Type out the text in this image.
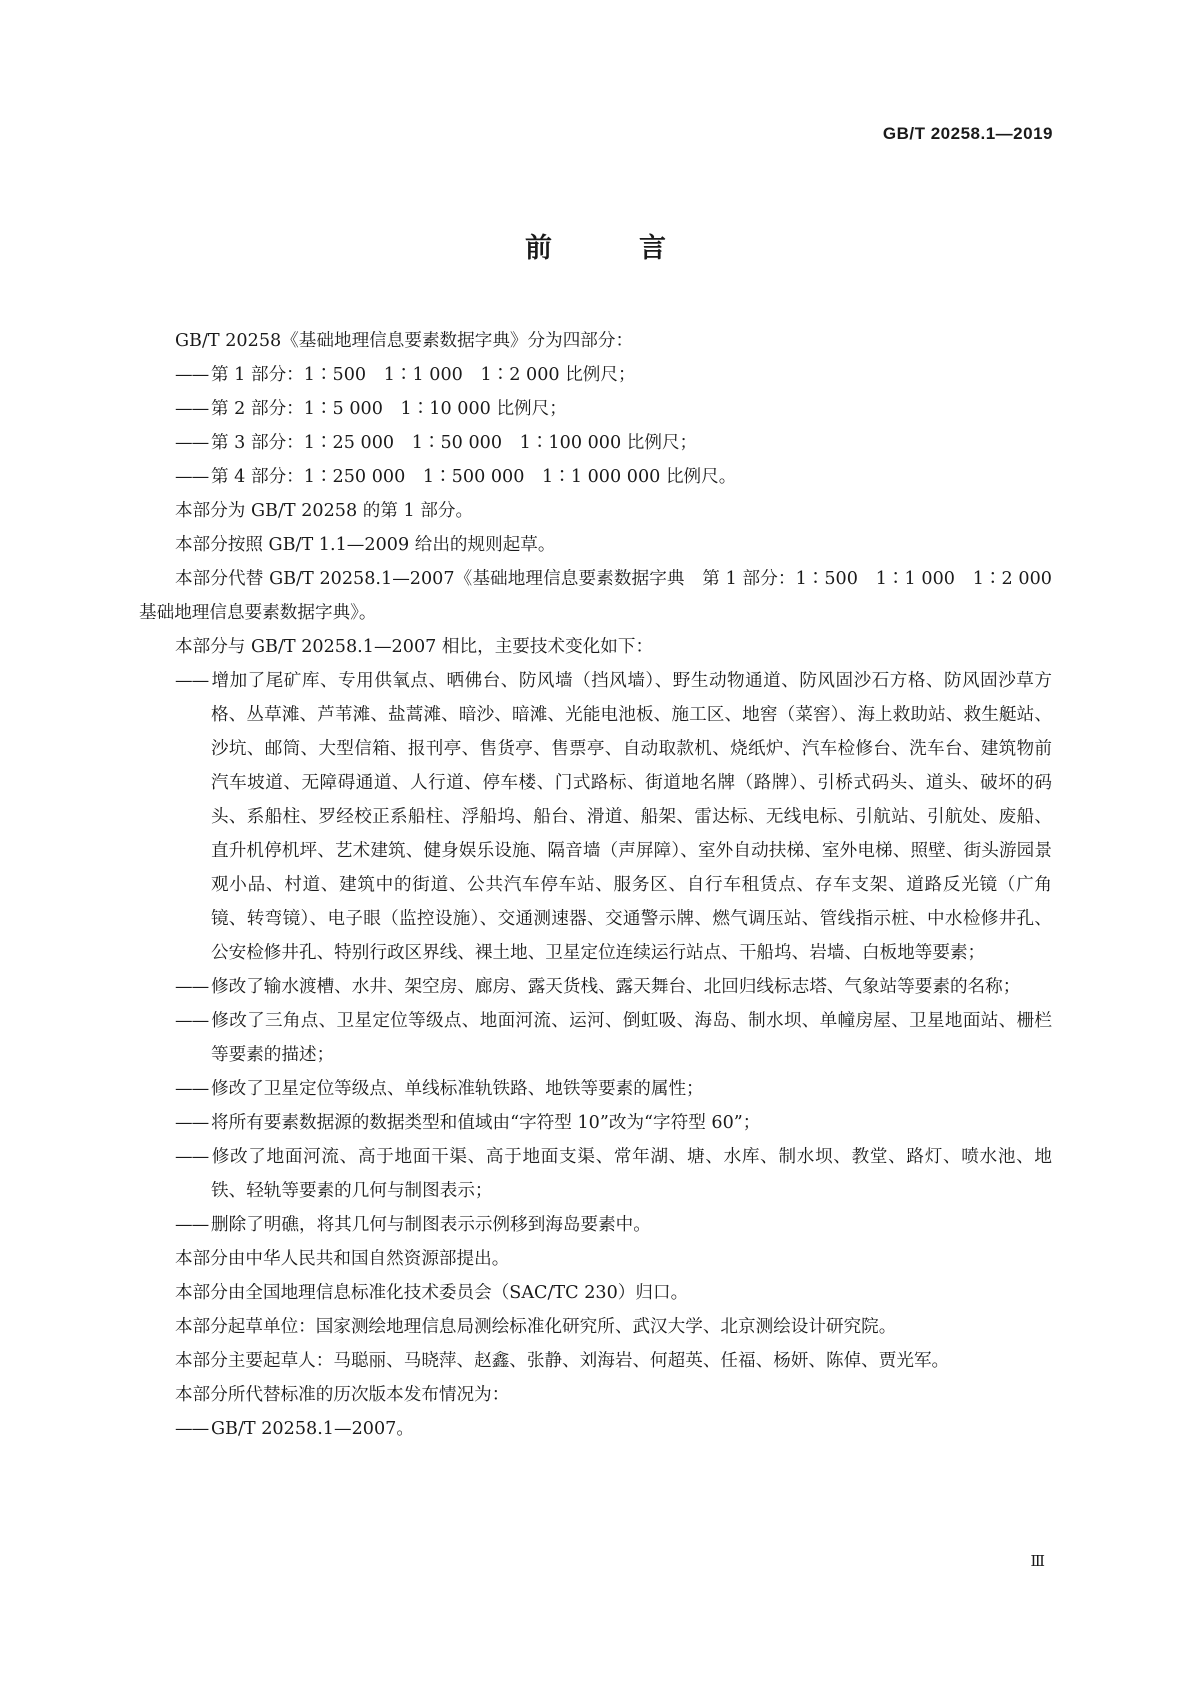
GB/T 20258.1—2019
前　言

GB/T 20258《基础地理信息要素数据字典》分为四部分：

—— 第 1 部分：1∶500　1∶1 000　1∶2 000 比例尺；

—— 第 2 部分：1∶5 000　1∶10 000 比例尺；

—— 第 3 部分：1∶25 000　1∶50 000　1∶100 000 比例尺；

—— 第 4 部分：1∶250 000　1∶500 000　1∶1 000 000 比例尺。

本部分为 GB/T 20258 的第 1 部分。

本部分按照 GB/T 1.1—2009 给出的规则起草。

本部分代替 GB/T 20258.1—2007《基础地理信息要素数据字典　第 1 部分：1∶500　1∶1 000　1∶2 000 基础地理信息要素数据字典》。

本部分与 GB/T 20258.1—2007 相比，主要技术变化如下：

—— 增加了尾矿库、专用供氧点、晒佛台、防风墙（挡风墙）、野生动物通道、防风固沙石方格、防风固沙草方格、丛草滩、芦苇滩、盐蒿滩、暗沙、暗滩、光能电池板、施工区、地窖（菜窖）、海上救助站、救生艇站、沙坑、邮筒、大型信箱、报刊亭、售货亭、售票亭、自动取款机、烧纸炉、汽车检修台、洗车台、建筑物前汽车坡道、无障碍通道、人行道、停车楼、门式路标、街道地名牌（路牌）、引桥式码头、道头、破坏的码头、系船柱、罗经校正系船柱、浮船坞、船台、滑道、船架、雷达标、无线电标、引航站、引航处、废船、直升机停机坪、艺术建筑、健身娱乐设施、隔音墙（声屏障）、室外自动扶梯、室外电梯、照壁、街头游园景观小品、村道、建筑中的街道、公共汽车停车站、服务区、自行车租赁点、存车支架、道路反光镜（广角镜、转弯镜）、电子眼（监控设施）、交通测速器、交通警示牌、燃气调压站、管线指示桩、中水检修井孔、公安检修井孔、特别行政区界线、裸土地、卫星定位连续运行站点、干船坞、岩墙、白板地等要素；

—— 修改了输水渡槽、水井、架空房、廊房、露天货栈、露天舞台、北回归线标志塔、气象站等要素的名称；

—— 修改了三角点、卫星定位等级点、地面河流、运河、倒虹吸、海岛、制水坝、单幢房屋、卫星地面站、栅栏等要素的描述；

—— 修改了卫星定位等级点、单线标准轨铁路、地铁等要素的属性；

—— 将所有要素数据源的数据类型和值域由“字符型 10”改为“字符型 60”；

—— 修改了地面河流、高于地面干渠、高于地面支渠、常年湖、塘、水库、制水坝、教堂、路灯、喷水池、地铁、轻轨等要素的几何与制图表示；

—— 删除了明礁，将其几何与制图表示示例移到海岛要素中。

本部分由中华人民共和国自然资源部提出。

本部分由全国地理信息标准化技术委员会（SAC/TC 230）归口。

本部分起草单位：国家测绘地理信息局测绘标准化研究所、武汉大学、北京测绘设计研究院。

本部分主要起草人：马聪丽、马晓萍、赵鑫、张静、刘海岩、何超英、任福、杨妍、陈倬、贾光军。

本部分所代替标准的历次版本发布情况为：

—— GB/T 20258.1—2007。

Ⅲ
